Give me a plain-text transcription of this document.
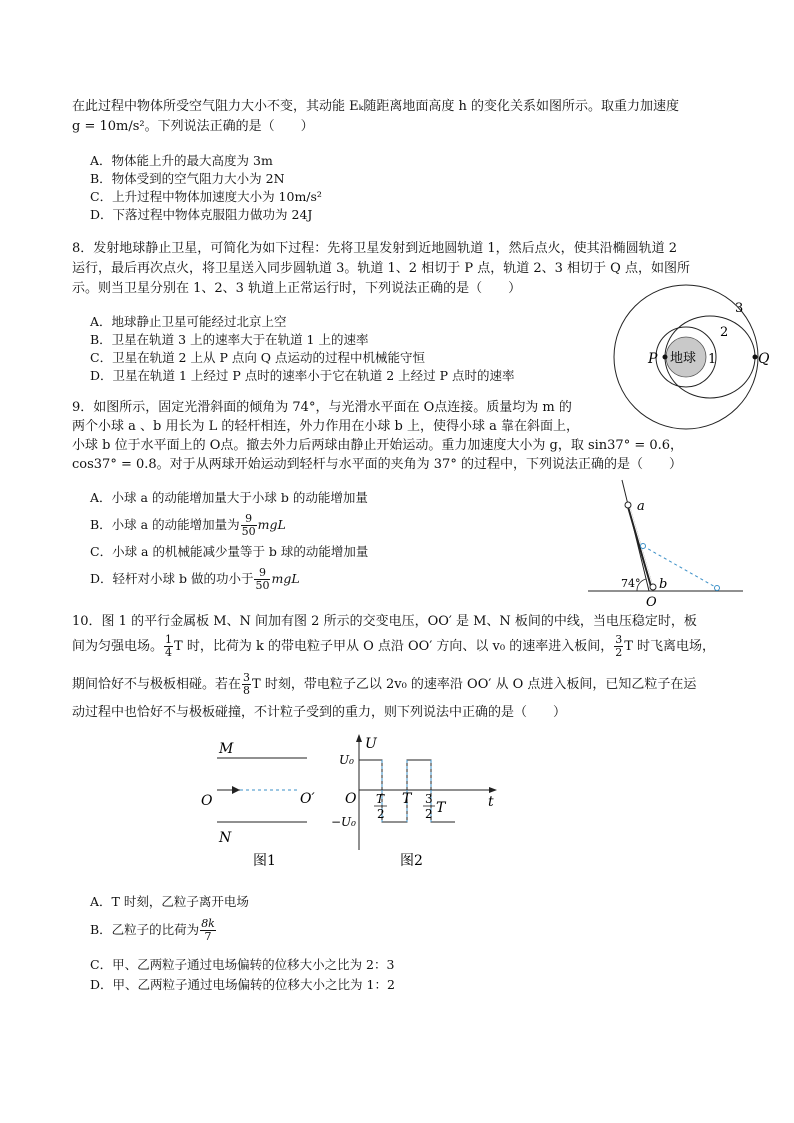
在此过程中物体所受空气阻力大小不变，其动能 Eₖ随距离地面高度 h 的变化关系如图所示。取重力加速度
g = 10m/s²。下列说法正确的是（　　）
A．物体能上升的最大高度为 3m
B．物体受到的空气阻力大小为 2N
C．上升过程中物体加速度大小为 10m/s²
D．下落过程中物体克服阻力做功为 24J
8．发射地球静止卫星，可简化为如下过程：先将卫星发射到近地圆轨道 1，然后点火，使其沿椭圆轨道 2
运行，最后再次点火，将卫星送入同步圆轨道 3。轨道 1、2 相切于 P 点，轨道 2、3 相切于 Q 点，如图所
示。则当卫星分别在 1、2、3 轨道上正常运行时，下列说法正确的是（　　）
A．地球静止卫星可能经过北京上空
B．卫星在轨道 3 上的速率大于在轨道 1 上的速率
C．卫星在轨道 2 上从 P 点向 Q 点运动的过程中机械能守恒
D．卫星在轨道 1 上经过 P 点时的速率小于它在轨道 2 上经过 P 点时的速率
地球
P	Q
1
2
3
9．如图所示，固定光滑斜面的倾角为 74°，与光滑水平面在 O点连接。质量均为 m 的
两个小球 a 、b 用长为 L 的轻杆相连，外力作用在小球 b 上，使得小球 a 靠在斜面上，
小球 b 位于水平面上的 O点。撤去外力后两球由静止开始运动。重力加速度大小为 g，取 sin37° = 0.6，
cos37° = 0.8。对于从两球开始运动到轻杆与水平面的夹角为 37° 的过程中，下列说法正确的是（　　）
A．小球 a 的动能增加量大于小球 b 的动能增加量
B．小球 a 的动能增加量为 $\frac{9}{50}$ mgL
C．小球 a 的机械能减少量等于 b 球的动能增加量
D．轻杆对小球 b 做的功小于 $\frac{9}{50}$ mgL	74°
a
b
O
10．图 1 的平行金属板 M、N 间加有图 2 所示的交变电压，OO′ 是 M、N 板间的中线，当电压稳定时，板
间为匀强电场。 $\frac{1}{4}$ T 时，比荷为 k 的带电粒子甲从 O 点沿 OO′ 方向、以 v₀ 的速率进入板间， $\frac{3}{2}$ T 时飞离电场，
期间恰好不与极板相碰。若在 $\frac{3}{8}$ T 时刻，带电粒子乙以 2v₀ 的速率沿 OO′ 从 O 点进入板间，已知乙粒子在运
动过程中也恰好不与极板碰撞，不计粒子受到的重力，则下列说法中正确的是（　　）
M
N
O	O′
图1
U
U₀
−U₀
O T
2
T 3
2 T	t
图2
A．T 时刻，乙粒子离开电场
B．乙粒子的比荷为 $\frac{8k}{7}$
C．甲、乙两粒子通过电场偏转的位移大小之比为 2：3
D．甲、乙两粒子通过电场偏转的位移大小之比为 1：2
